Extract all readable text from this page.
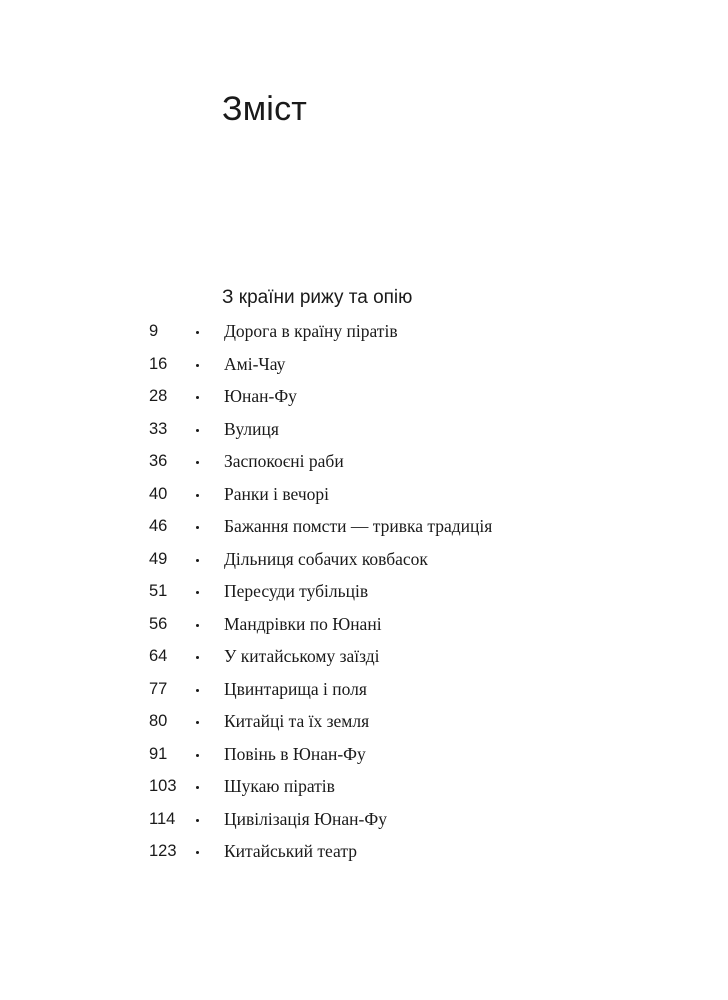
Зміст
З країни рижу та опію
9	Дорога в країну піратів
16	Амі-Чау
28	Юнан-Фу
33	Вулиця
36	Заспокоєні раби
40	Ранки і вечорі
46	Бажання помсти — тривка традиція
49	Дільниця собачих ковбасок
51	Пересуди тубільців
56	Мандрівки по Юнані
64	У китайському заїзді
77	Цвинтарища і поля
80	Китайці та їх земля
91	Повінь в Юнан-Фу
103	Шукаю піратів
114	Цивілізація Юнан-Фу
123	Китайський театр
